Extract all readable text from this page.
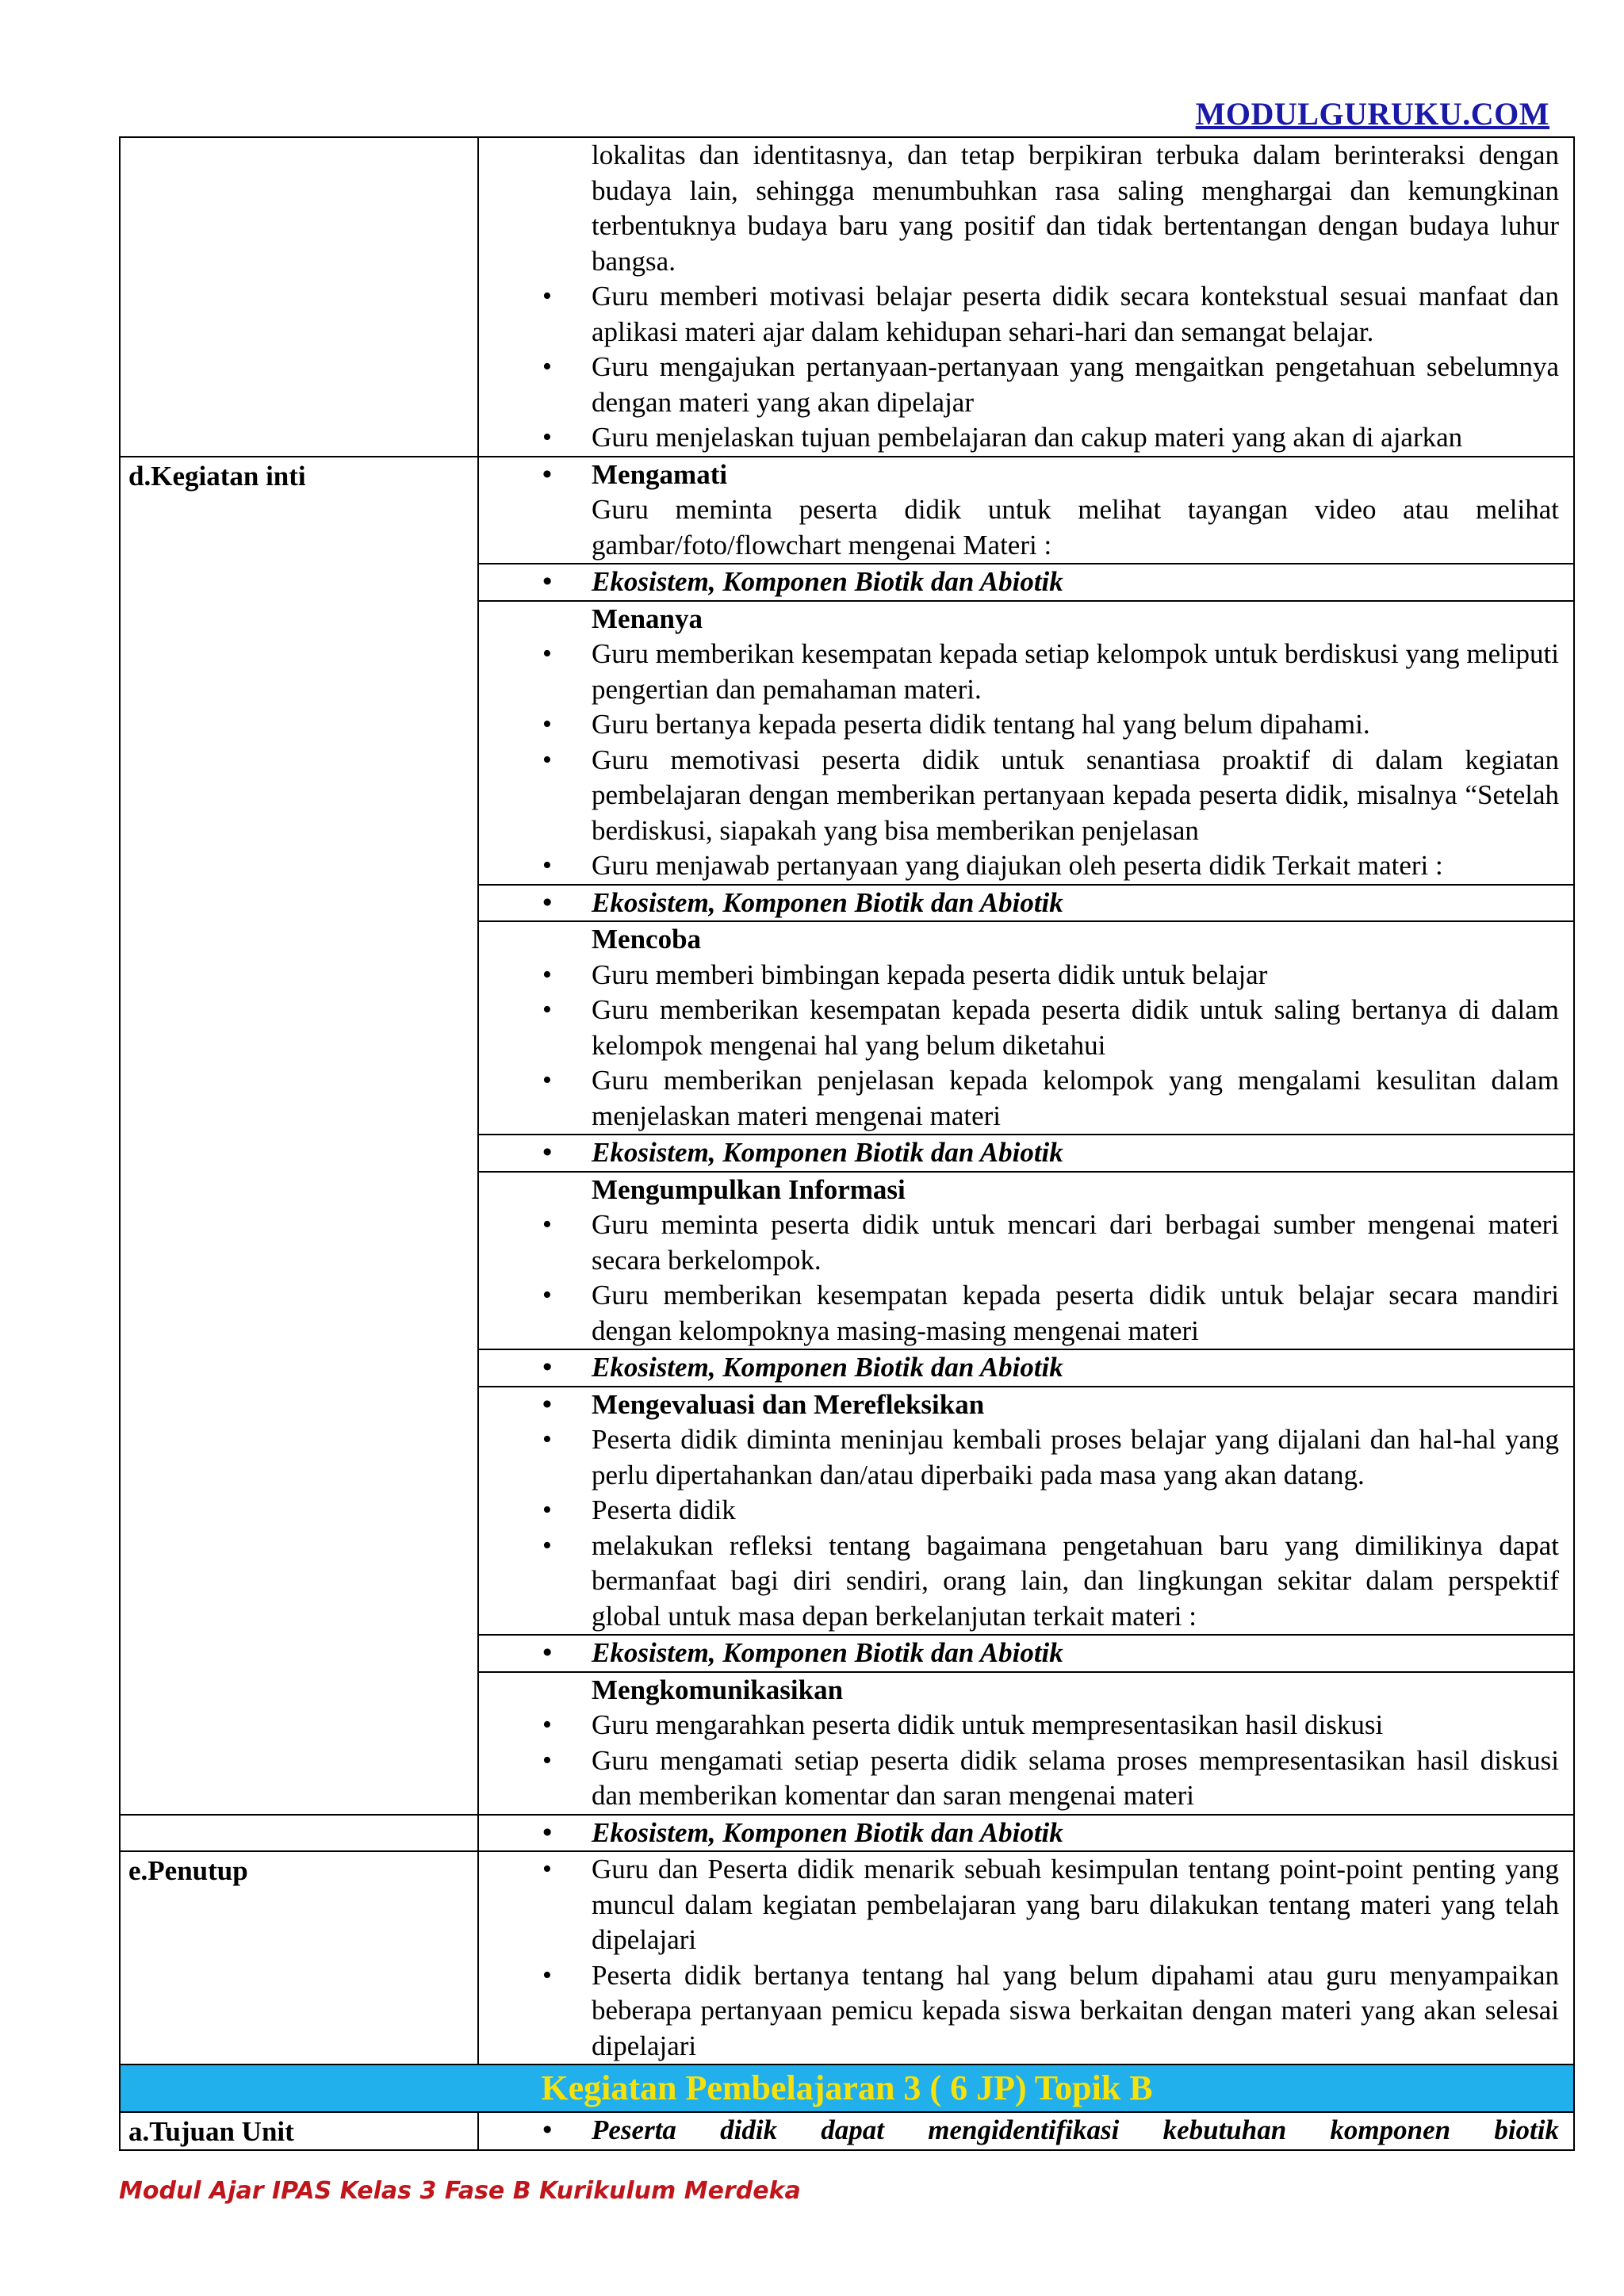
MODULGURUKU.COM

	lokalitas dan identitasnya, dan tetap berpikiran terbuka dalam berinteraksi dengan budaya lain, sehingga menumbuhkan rasa saling menghargai dan kemungkinan terbentuknya budaya baru yang positif dan tidak bertentangan dengan budaya luhur bangsa.
• Guru memberi motivasi belajar peserta didik secara kontekstual sesuai manfaat dan aplikasi materi ajar dalam kehidupan sehari-hari dan semangat belajar.
• Guru mengajukan pertanyaan-pertanyaan yang mengaitkan pengetahuan sebelumnya dengan materi yang akan dipelajar
• Guru menjelaskan tujuan pembelajaran dan cakup materi yang akan di ajarkan

d.Kegiatan inti	• Mengamati
Guru meminta peserta didik untuk melihat tayangan video atau melihat gambar/foto/flowchart mengenai Materi :

	• Ekosistem, Komponen Biotik dan Abiotik

	Menanya
• Guru memberikan kesempatan kepada setiap kelompok untuk berdiskusi yang meliputi pengertian dan pemahaman materi.
• Guru bertanya kepada peserta didik tentang hal yang belum dipahami.
• Guru memotivasi peserta didik untuk senantiasa proaktif di dalam kegiatan pembelajaran dengan memberikan pertanyaan kepada peserta didik, misalnya “Setelah berdiskusi, siapakah yang bisa memberikan penjelasan
• Guru menjawab pertanyaan yang diajukan oleh peserta didik Terkait materi :

	• Ekosistem, Komponen Biotik dan Abiotik

	Mencoba
• Guru memberi bimbingan kepada peserta didik untuk belajar
• Guru memberikan kesempatan kepada peserta didik untuk saling bertanya di dalam kelompok mengenai hal yang belum diketahui
• Guru memberikan penjelasan kepada kelompok yang mengalami kesulitan dalam menjelaskan materi mengenai materi

	• Ekosistem, Komponen Biotik dan Abiotik

	Mengumpulkan Informasi
• Guru meminta peserta didik untuk mencari dari berbagai sumber mengenai materi secara berkelompok.
• Guru memberikan kesempatan kepada peserta didik untuk belajar secara mandiri dengan kelompoknya masing-masing mengenai materi

	• Ekosistem, Komponen Biotik dan Abiotik

	• Mengevaluasi dan Merefleksikan
• Peserta didik diminta meninjau kembali proses belajar yang dijalani dan hal-hal yang perlu dipertahankan dan/atau diperbaiki pada masa yang akan datang.
• Peserta didik
• melakukan refleksi tentang bagaimana pengetahuan baru yang dimilikinya dapat bermanfaat bagi diri sendiri, orang lain, dan lingkungan sekitar dalam perspektif global untuk masa depan berkelanjutan terkait materi :

	• Ekosistem, Komponen Biotik dan Abiotik

	Mengkomunikasikan
• Guru mengarahkan peserta didik untuk mempresentasikan hasil diskusi
• Guru mengamati setiap peserta didik selama proses mempresentasikan hasil diskusi dan memberikan komentar dan saran mengenai materi

	• Ekosistem, Komponen Biotik dan Abiotik

e.Penutup	• Guru dan Peserta didik menarik sebuah kesimpulan tentang point-point penting yang muncul dalam kegiatan pembelajaran yang baru dilakukan tentang materi yang telah dipelajari
• Peserta didik bertanya tentang hal yang belum dipahami atau guru menyampaikan beberapa pertanyaan pemicu kepada siswa berkaitan dengan materi yang akan selesai dipelajari

Kegiatan Pembelajaran 3 ( 6 JP) Topik B	

a.Tujuan Unit	• Peserta didik dapat mengidentifikasi kebutuhan komponen biotik
Modul Ajar IPAS Kelas 3 Fase B Kurikulum Merdeka
